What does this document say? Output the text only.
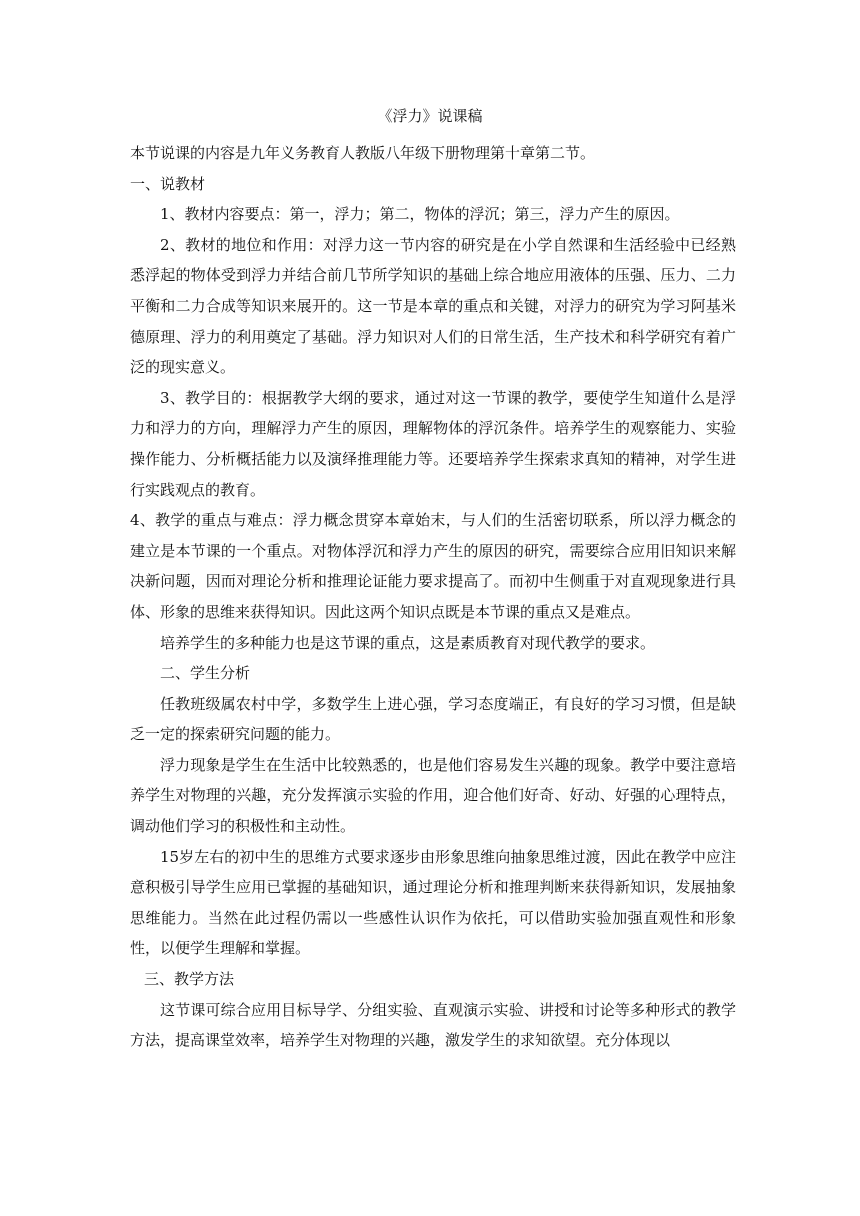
《浮力》说课稿

本节说课的内容是九年义务教育人教版八年级下册物理第十章第二节。

一、说教材

1、教材内容要点：第一，浮力；第二，物体的浮沉；第三，浮力产生的原因。

2、教材的地位和作用：对浮力这一节内容的研究是在小学自然课和生活经验中已经熟悉浮起的物体受到浮力并结合前几节所学知识的基础上综合地应用液体的压强、压力、二力平衡和二力合成等知识来展开的。这一节是本章的重点和关键，对浮力的研究为学习阿基米德原理、浮力的利用奠定了基础。浮力知识对人们的日常生活，生产技术和科学研究有着广泛的现实意义。

3、教学目的：根据教学大纲的要求，通过对这一节课的教学，要使学生知道什么是浮力和浮力的方向，理解浮力产生的原因，理解物体的浮沉条件。培养学生的观察能力、实验操作能力、分析概括能力以及演绎推理能力等。还要培养学生探索求真知的精神，对学生进行实践观点的教育。

4、教学的重点与难点：浮力概念贯穿本章始末，与人们的生活密切联系，所以浮力概念的建立是本节课的一个重点。对物体浮沉和浮力产生的原因的研究，需要综合应用旧知识来解决新问题，因而对理论分析和推理论证能力要求提高了。而初中生侧重于对直观现象进行具体、形象的思维来获得知识。因此这两个知识点既是本节课的重点又是难点。

培养学生的多种能力也是这节课的重点，这是素质教育对现代教学的要求。

二、学生分析

任教班级属农村中学，多数学生上进心强，学习态度端正，有良好的学习习惯，但是缺乏一定的探索研究问题的能力。

浮力现象是学生在生活中比较熟悉的，也是他们容易发生兴趣的现象。教学中要注意培养学生对物理的兴趣，充分发挥演示实验的作用，迎合他们好奇、好动、好强的心理特点，调动他们学习的积极性和主动性。

15岁左右的初中生的思维方式要求逐步由形象思维向抽象思维过渡，因此在教学中应注意积极引导学生应用已掌握的基础知识，通过理论分析和推理判断来获得新知识，发展抽象思维能力。当然在此过程仍需以一些感性认识作为依托，可以借助实验加强直观性和形象性，以便学生理解和掌握。

三、教学方法

这节课可综合应用目标导学、分组实验、直观演示实验、讲授和讨论等多种形式的教学方法，提高课堂效率，培养学生对物理的兴趣，激发学生的求知欲望。充分体现以
